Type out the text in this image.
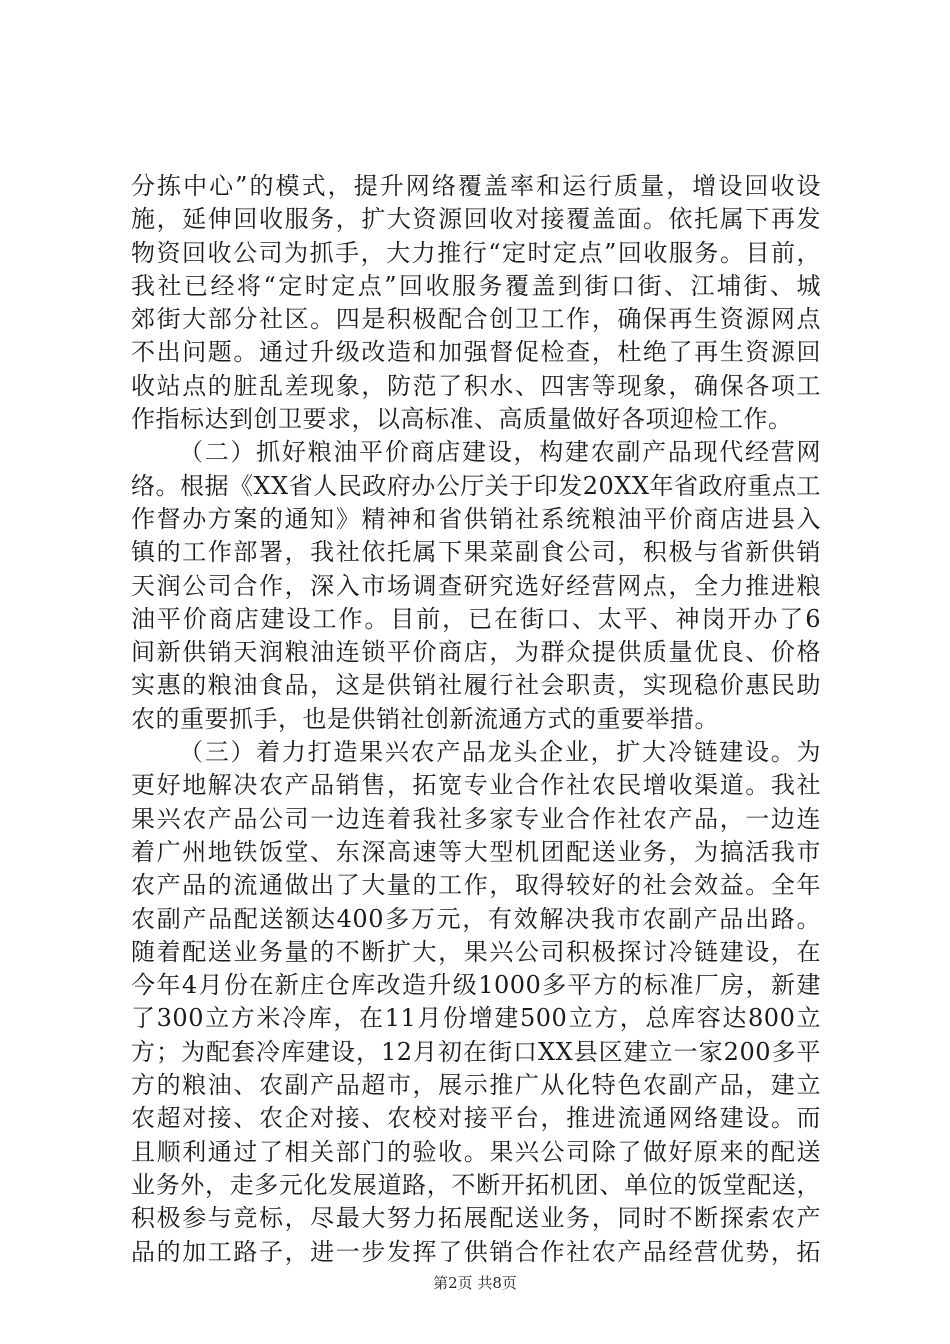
分拣中心”的模式，提升网络覆盖率和运行质量，增设回收设
施，延伸回收服务，扩大资源回收对接覆盖面。依托属下再发
物资回收公司为抓手，大力推行“定时定点”回收服务。目前，
我社已经将“定时定点”回收服务覆盖到街口街、江埔街、城
郊街大部分社区。四是积极配合创卫工作，确保再生资源网点
不出问题。通过升级改造和加强督促检查，杜绝了再生资源回
收站点的脏乱差现象，防范了积水、四害等现象，确保各项工
作指标达到创卫要求，以高标准、高质量做好各项迎检工作。
（二）抓好粮油平价商店建设，构建农副产品现代经营网
络。根据《XX省人民政府办公厅关于印发20XX年省政府重点工
作督办方案的通知》精神和省供销社系统粮油平价商店进县入
镇的工作部署，我社依托属下果菜副食公司，积极与省新供销
天润公司合作，深入市场调查研究选好经营网点，全力推进粮
油平价商店建设工作。目前，已在街口、太平、神岗开办了6
间新供销天润粮油连锁平价商店，为群众提供质量优良、价格
实惠的粮油食品，这是供销社履行社会职责，实现稳价惠民助
农的重要抓手，也是供销社创新流通方式的重要举措。
（三）着力打造果兴农产品龙头企业，扩大冷链建设。为
更好地解决农产品销售，拓宽专业合作社农民增收渠道。我社
果兴农产品公司一边连着我社多家专业合作社农产品，一边连
着广州地铁饭堂、东深高速等大型机团配送业务，为搞活我市
农产品的流通做出了大量的工作，取得较好的社会效益。全年
农副产品配送额达400多万元，有效解决我市农副产品出路。
随着配送业务量的不断扩大，果兴公司积极探讨冷链建设，在
今年4月份在新庄仓库改造升级1000多平方的标准厂房，新建
了300立方米冷库，在11月份增建500立方，总库容达800立
方；为配套冷库建设，12月初在街口XX县区建立一家200多平
方的粮油、农副产品超市，展示推广从化特色农副产品，建立
农超对接、农企对接、农校对接平台，推进流通网络建设。而
且顺利通过了相关部门的验收。果兴公司除了做好原来的配送
业务外，走多元化发展道路，不断开拓机团、单位的饭堂配送，
积极参与竞标，尽最大努力拓展配送业务，同时不断探索农产
品的加工路子，进一步发挥了供销合作社农产品经营优势，拓
第2页 共8页
